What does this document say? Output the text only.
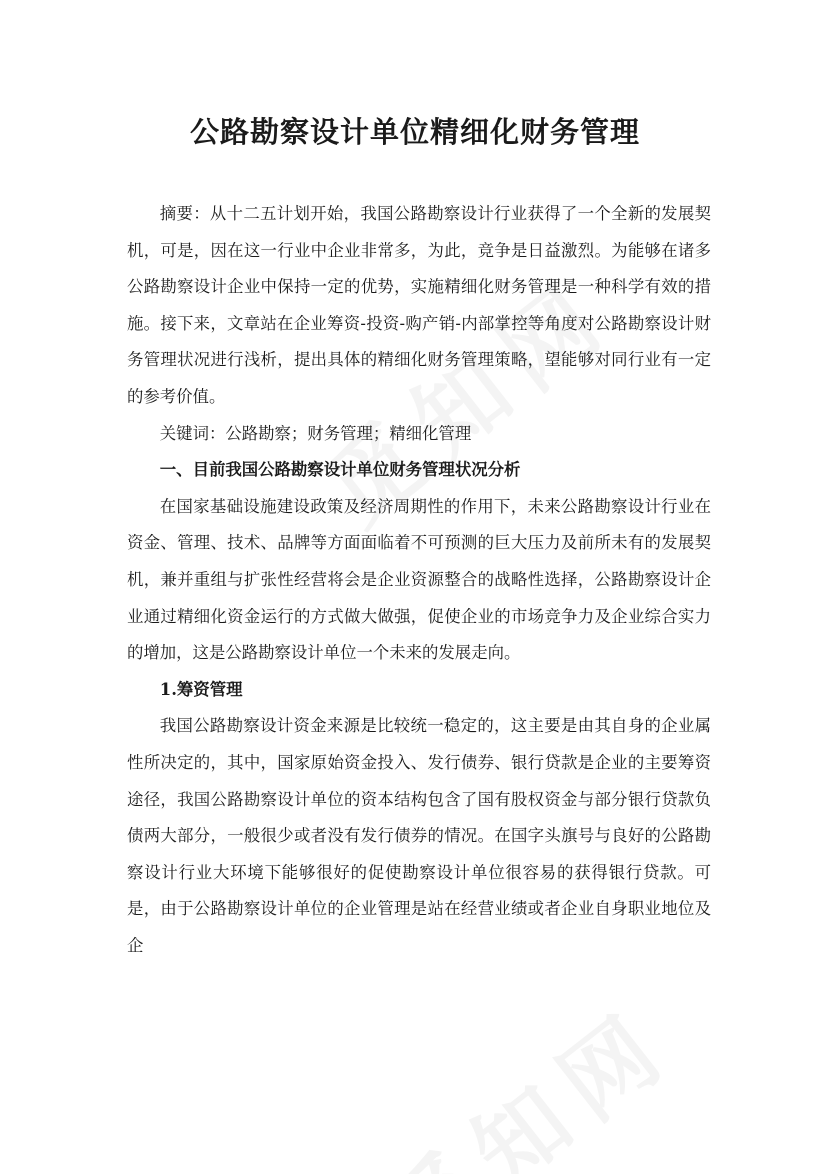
公路勘察设计单位精细化财务管理

摘要：从十二五计划开始，我国公路勘察设计行业获得了一个全新的发展契机，可是，因在这一行业中企业非常多，为此，竞争是日益激烈。为能够在诸多公路勘察设计企业中保持一定的优势，实施精细化财务管理是一种科学有效的措施。接下来，文章站在企业筹资-投资-购产销-内部掌控等角度对公路勘察设计财务管理状况进行浅析，提出具体的精细化财务管理策略，望能够对同行业有一定的参考价值。

关键词：公路勘察；财务管理；精细化管理

一、目前我国公路勘察设计单位财务管理状况分析

在国家基础设施建设政策及经济周期性的作用下，未来公路勘察设计行业在资金、管理、技术、品牌等方面面临着不可预测的巨大压力及前所未有的发展契机，兼并重组与扩张性经营将会是企业资源整合的战略性选择，公路勘察设计企业通过精细化资金运行的方式做大做强，促使企业的市场竞争力及企业综合实力的增加，这是公路勘察设计单位一个未来的发展走向。

1.筹资管理

我国公路勘察设计资金来源是比较统一稳定的，这主要是由其自身的企业属性所决定的，其中，国家原始资金投入、发行债券、银行贷款是企业的主要筹资途径，我国公路勘察设计单位的资本结构包含了国有股权资金与部分银行贷款负债两大部分，一般很少或者没有发行债券的情况。在国字头旗号与良好的公路勘察设计行业大环境下能够很好的促使勘察设计单位很容易的获得银行贷款。可是，由于公路勘察设计单位的企业管理是站在经营业绩或者企业自身职业地位及企
